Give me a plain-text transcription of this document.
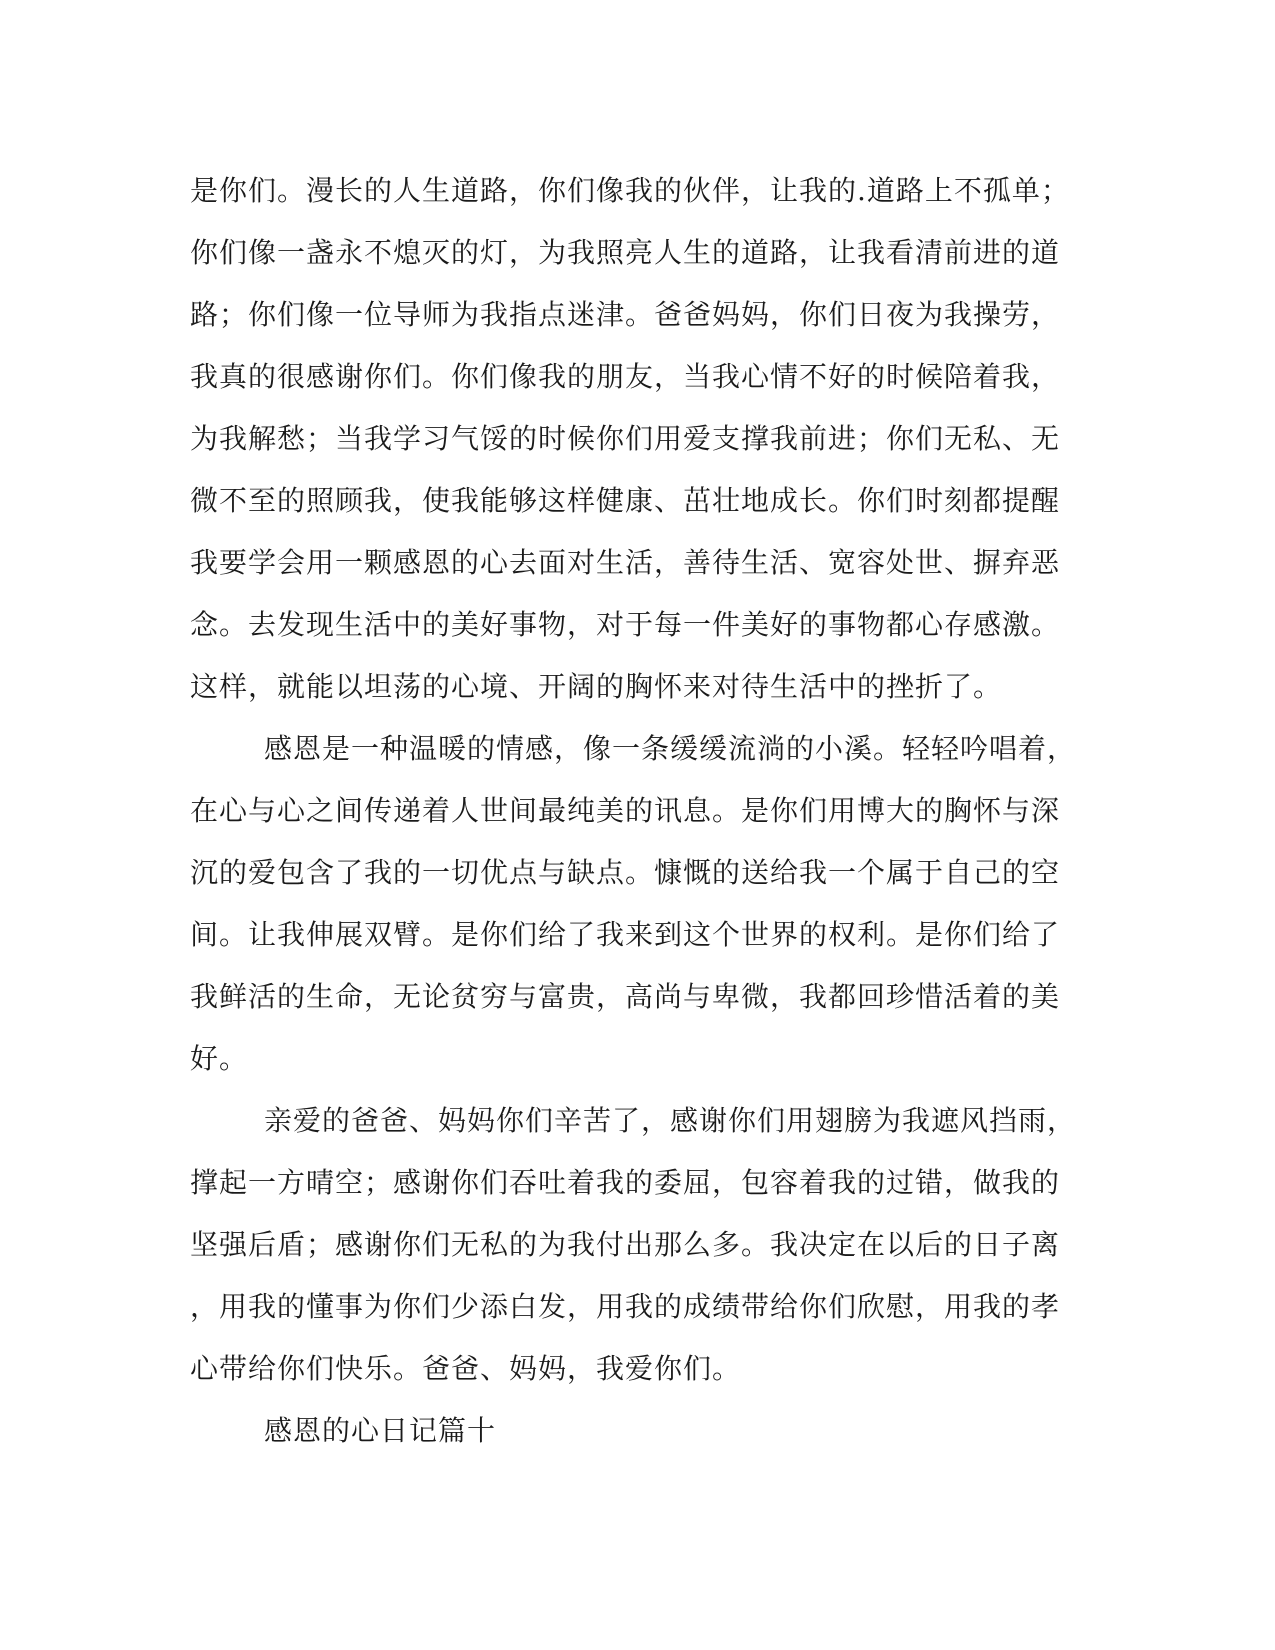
是你们。漫长的人生道路，你们像我的伙伴，让我的.道路上不孤单；
你们像一盏永不熄灭的灯，为我照亮人生的道路，让我看清前进的道
路；你们像一位导师为我指点迷津。爸爸妈妈，你们日夜为我操劳，
我真的很感谢你们。你们像我的朋友，当我心情不好的时候陪着我，
为我解愁；当我学习气馁的时候你们用爱支撑我前进；你们无私、无
微不至的照顾我，使我能够这样健康、茁壮地成长。你们时刻都提醒
我要学会用一颗感恩的心去面对生活，善待生活、宽容处世、摒弃恶
念。去发现生活中的美好事物，对于每一件美好的事物都心存感激。
这样，就能以坦荡的心境、开阔的胸怀来对待生活中的挫折了。
感恩是一种温暖的情感，像一条缓缓流淌的小溪。轻轻吟唱着，
在心与心之间传递着人世间最纯美的讯息。是你们用博大的胸怀与深
沉的爱包含了我的一切优点与缺点。慷慨的送给我一个属于自己的空
间。让我伸展双臂。是你们给了我来到这个世界的权利。是你们给了
我鲜活的生命，无论贫穷与富贵，高尚与卑微，我都回珍惜活着的美
好。
亲爱的爸爸、妈妈你们辛苦了，感谢你们用翅膀为我遮风挡雨，
撑起一方晴空；感谢你们吞吐着我的委屈，包容着我的过错，做我的
坚强后盾；感谢你们无私的为我付出那么多。我决定在以后的日子离
，用我的懂事为你们少添白发，用我的成绩带给你们欣慰，用我的孝
心带给你们快乐。爸爸、妈妈，我爱你们。
感恩的心日记篇十
